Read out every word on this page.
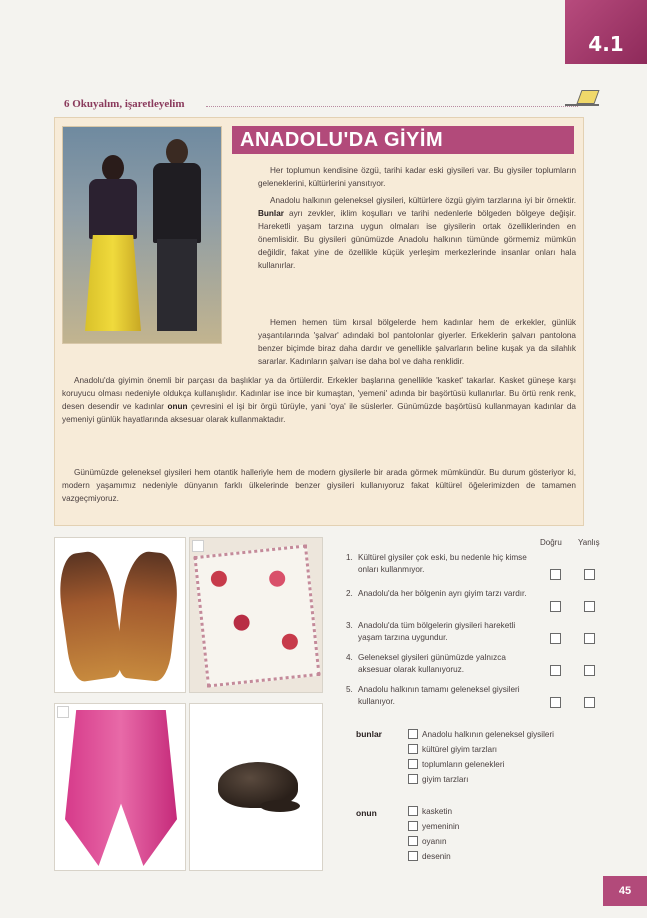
4.1
6 Okuyalım, işaretleyelim
ANADOLU'DA GİYİM
Her toplumun kendisine özgü, tarihi kadar eski giysileri var. Bu giysiler toplumların geleneklerini, kültürlerini yansıtıyor.
Anadolu halkının geleneksel giysileri, kültürlere özgü giyim tarzlarına iyi bir örnektir. Bunlar ayrı zevkler, iklim koşulları ve tarihi nedenlerle bölgeden bölgeye değişir. Hareketli yaşam tarzına uygun olmaları ise giysilerin ortak özelliklerinden en önemlisidir. Bu giysileri günümüzde Anadolu halkının tümünde görmemiz mümkün değildir, fakat yine de özellikle küçük yerleşim merkezlerinde insanlar onları hala kullanırlar.
Hemen hemen tüm kırsal bölgelerde hem kadınlar hem de erkekler, günlük yaşantılarında 'şalvar' adındaki bol pantolonlar giyerler. Erkeklerin şalvarı pantolona benzer biçimde biraz daha dardır ve genellikle şalvarların beline kuşak ya da silahlık sararlar. Kadınların şalvarı ise daha bol ve daha renklidir.
Anadolu'da giyimin önemli bir parçası da başlıklar ya da örtülerdir. Erkekler başlarına genellikle 'kasket' takarlar. Kasket güneşe karşı koruyucu olması nedeniyle oldukça kullanışlıdır. Kadınlar ise ince bir kumaştan, 'yemeni' adında bir başörtüsü kullanırlar. Bu örtü renk renk, desen desendir ve kadınlar onun çevresini el işi bir örgü türüyle, yani 'oya' ile süslerler. Günümüzde başörtüsü kullanmayan kadınlar da yemeniyi günlük hayatlarında aksesuar olarak kullanmaktadır.
Günümüzde geleneksel giysileri hem otantik halleriyle hem de modern giysilerle bir arada görmek mümkündür. Bu durum gösteriyor ki, modern yaşamımız nedeniyle dünyanın farklı ülkelerinde benzer giysileri kullanıyoruz fakat kültürel öğelerimizden de tamamen vazgeçmiyoruz.
Doğru Yanlış
1. Kültürel giysiler çok eski, bu nedenle hiç kimse onları kullanmıyor.
2. Anadolu'da her bölgenin ayrı giyim tarzı vardır.
3. Anadolu'da tüm bölgelerin giysileri hareketli yaşam tarzına uygundur.
4. Geleneksel giysileri günümüzde yalnızca aksesuar olarak kullanıyoruz.
5. Anadolu halkının tamamı geleneksel giysileri kullanıyor.
bunlar	Anadolu halkının geleneksel giysileri
kültürel giyim tarzları
toplumların gelenekleri
giyim tarzları
onun	kasketin
yemeninin
oyanın
desenin
45
